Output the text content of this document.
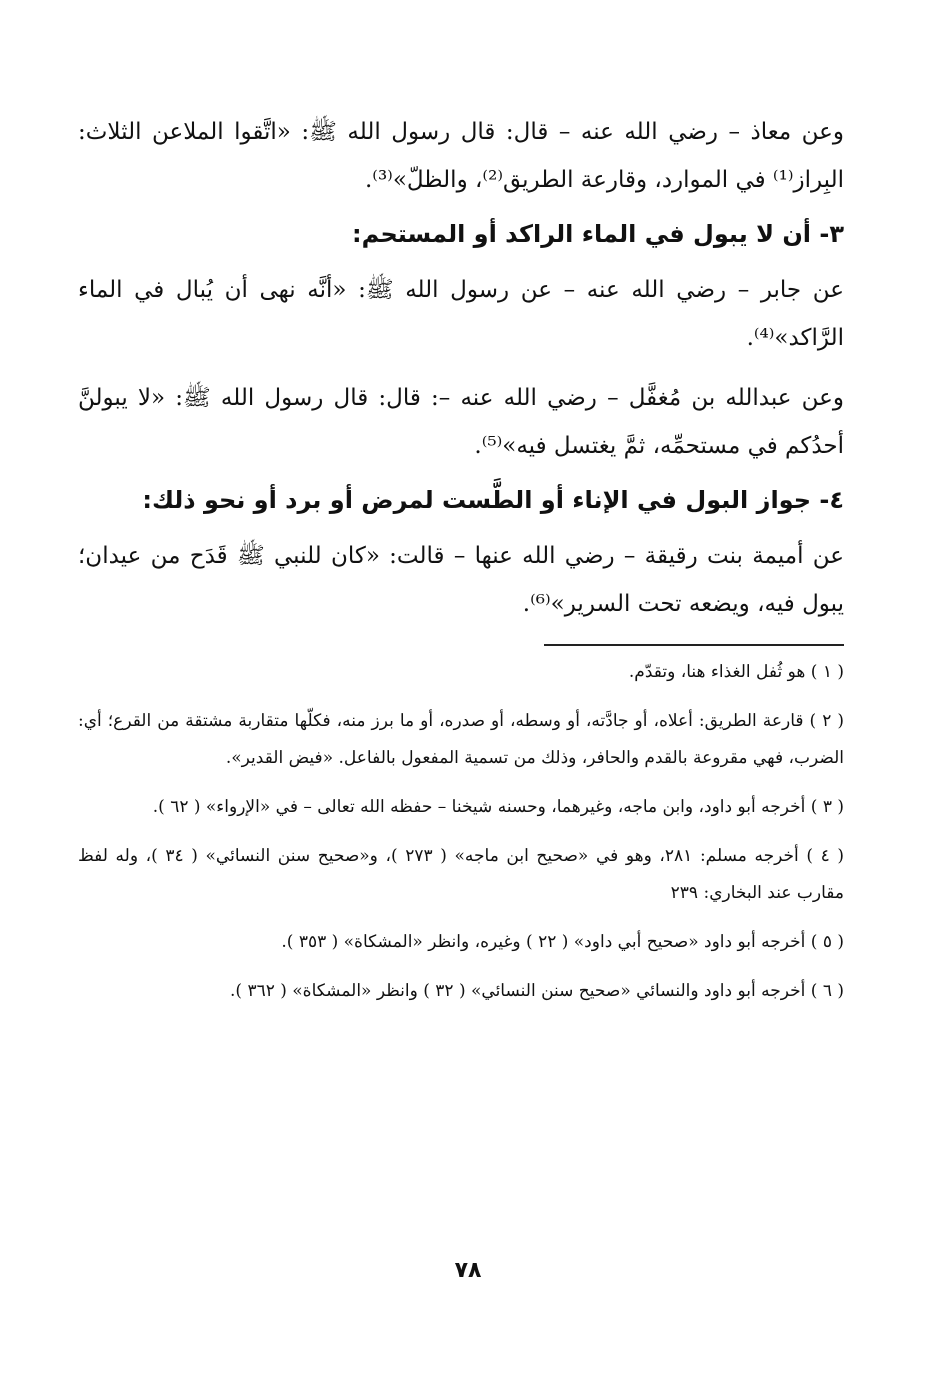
وعن معاذ – رضي الله عنه – قال: قال رسول الله ﷺ: «اتَّقوا الملاعن الثلاث: البِراز⁽¹⁾ في الموارد، وقارعة الطريق⁽²⁾، والظلّ»⁽³⁾.

٣- أن لا يبول في الماء الراكد أو المستحم:

عن جابر – رضي الله عنه – عن رسول الله ﷺ: «أنَّه نهى أن يُبال في الماء الرَّاكد»⁽⁴⁾.

وعن عبدالله بن مُغفَّل – رضي الله عنه –: قال: قال رسول الله ﷺ: «لا يبولنَّ أحدُكم في مستحمِّه، ثمَّ يغتسل فيه»⁽⁵⁾.

٤- جواز البول في الإناء أو الطَّست لمرض أو برد أو نحو ذلك:

عن أميمة بنت رقيقة – رضي الله عنها – قالت: «كان للنبي ﷺ قَدَح من عيدان؛ يبول فيه، ويضعه تحت السرير»⁽⁶⁾.

( ١ ) هو ثُفل الغذاء هنا، وتقدّم.

( ٢ ) قارعة الطريق: أعلاه، أو جادَّته، أو وسطه، أو صدره، أو ما برز منه، فكلّها متقاربة مشتقة من القرع؛ أي: الضرب، فهي مقروعة بالقدم والحافر، وذلك من تسمية المفعول بالفاعل. «فيض القدير».

( ٣ ) أخرجه أبو داود، وابن ماجه، وغيرهما، وحسنه شيخنا – حفظه الله تعالى – في «الإرواء» ( ٦٢ ).

( ٤ ) أخرجه مسلم: ٢٨١، وهو في «صحيح ابن ماجه» ( ٢٧٣ )، و«صحيح سنن النسائي» ( ٣٤ )، وله لفظ مقارب عند البخاري: ٢٣٩

( ٥ ) أخرجه أبو داود «صحيح أبي داود» ( ٢٢ ) وغيره، وانظر «المشكاة» ( ٣٥٣ ).

( ٦ ) أخرجه أبو داود والنسائي «صحيح سنن النسائي» ( ٣٢ ) وانظر «المشكاة» ( ٣٦٢ ).

٧٨
